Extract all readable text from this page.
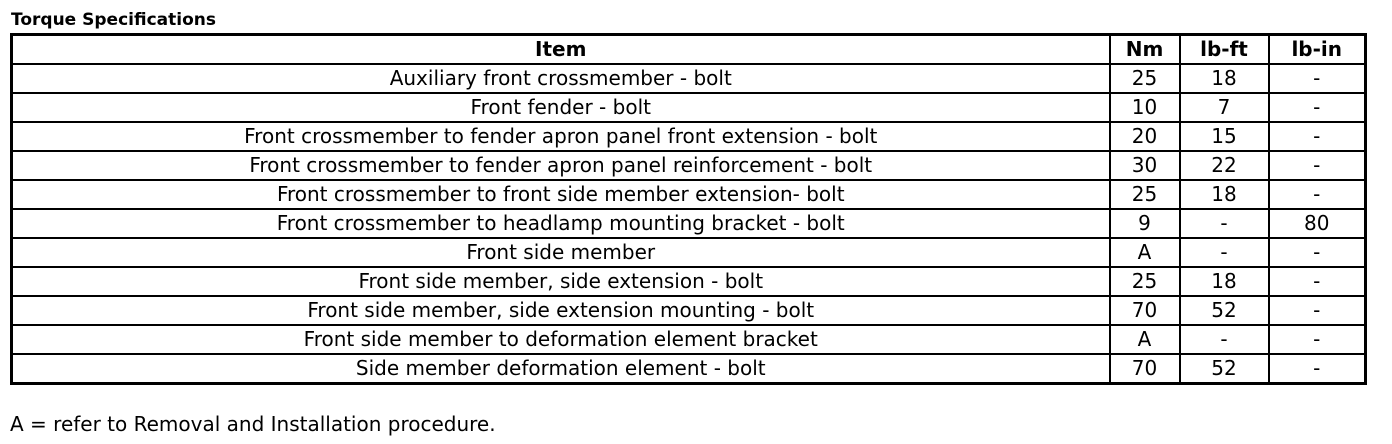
Torque Specifications
Item	Nm	lb-ft	lb-in
Auxiliary front crossmember - bolt	25	18	-
Front fender - bolt	10	7	-
Front crossmember to fender apron panel front extension - bolt	20	15	-
Front crossmember to fender apron panel reinforcement - bolt	30	22	-
Front crossmember to front side member extension- bolt	25	18	-
Front crossmember to headlamp mounting bracket - bolt	9	-	80
Front side member	A	-	-
Front side member, side extension - bolt	25	18	-
Front side member, side extension mounting - bolt	70	52	-
Front side member to deformation element bracket	A	-	-
Side member deformation element - bolt	70	52	-
A = refer to Removal and Installation procedure.
